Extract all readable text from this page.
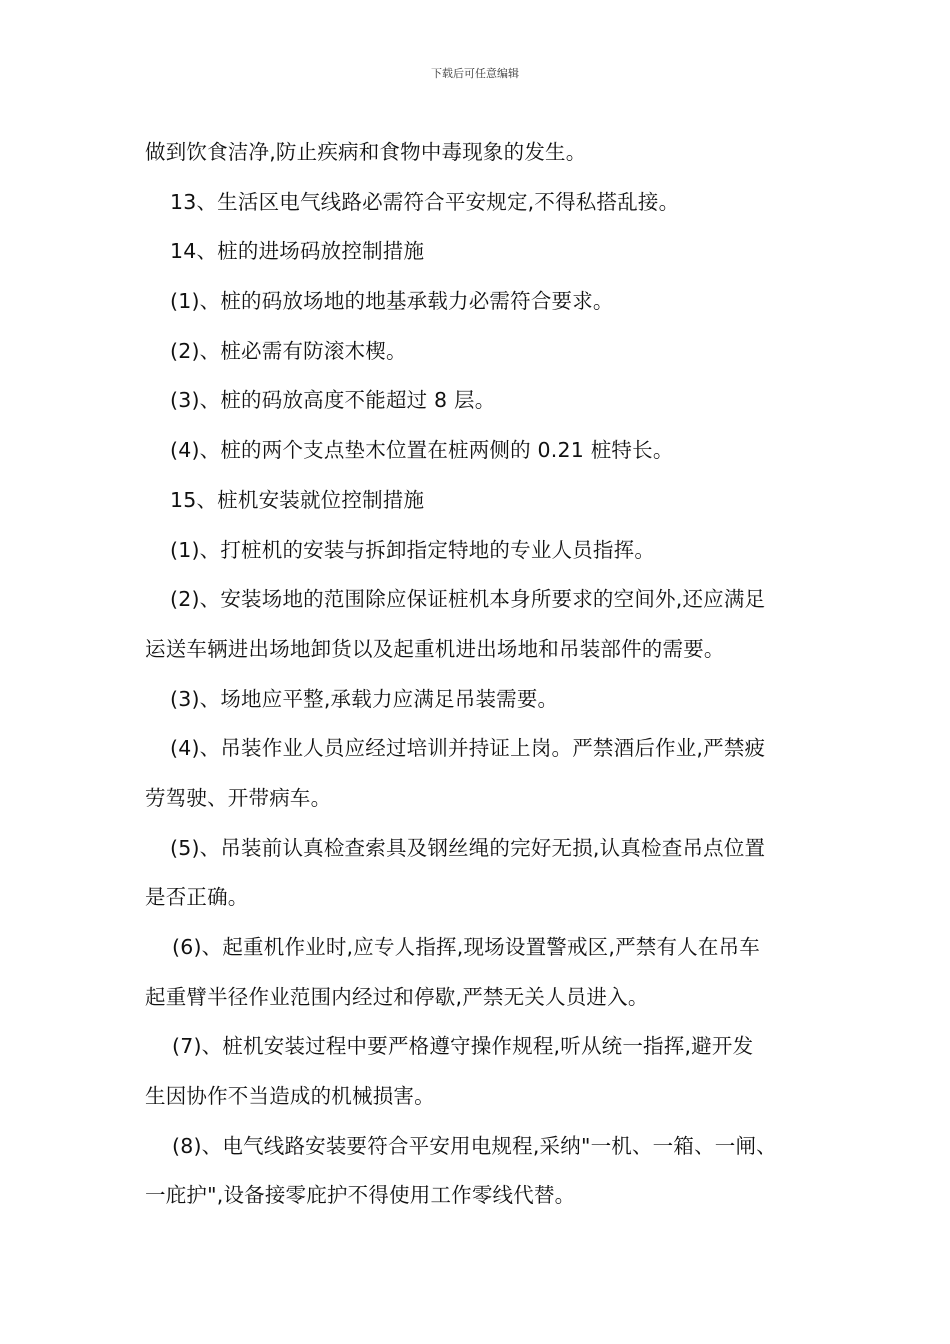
下载后可任意编辑
做到饮食洁净,防止疾病和食物中毒现象的发生。
13、生活区电气线路必需符合平安规定,不得私搭乱接。
14、桩的进场码放控制措施
(1)、桩的码放场地的地基承载力必需符合要求。
(2)、桩必需有防滚木楔。
(3)、桩的码放高度不能超过 8 层。
(4)、桩的两个支点垫木位置在桩两侧的 0.21 桩特长。
15、桩机安装就位控制措施
(1)、打桩机的安装与拆卸指定特地的专业人员指挥。
(2)、安装场地的范围除应保证桩机本身所要求的空间外,还应满足
运送车辆进出场地卸货以及起重机进出场地和吊装部件的需要。
(3)、场地应平整,承载力应满足吊装需要。
(4)、吊装作业人员应经过培训并持证上岗。严禁酒后作业,严禁疲
劳驾驶、开带病车。
(5)、吊装前认真检查索具及钢丝绳的完好无损,认真检查吊点位置
是否正确。
(6)、起重机作业时,应专人指挥,现场设置警戒区,严禁有人在吊车
起重臂半径作业范围内经过和停歇,严禁无关人员进入。
(7)、桩机安装过程中要严格遵守操作规程,听从统一指挥,避开发
生因协作不当造成的机械损害。
(8)、电气线路安装要符合平安用电规程,采纳"一机、一箱、一闸、
一庇护",设备接零庇护不得使用工作零线代替。
